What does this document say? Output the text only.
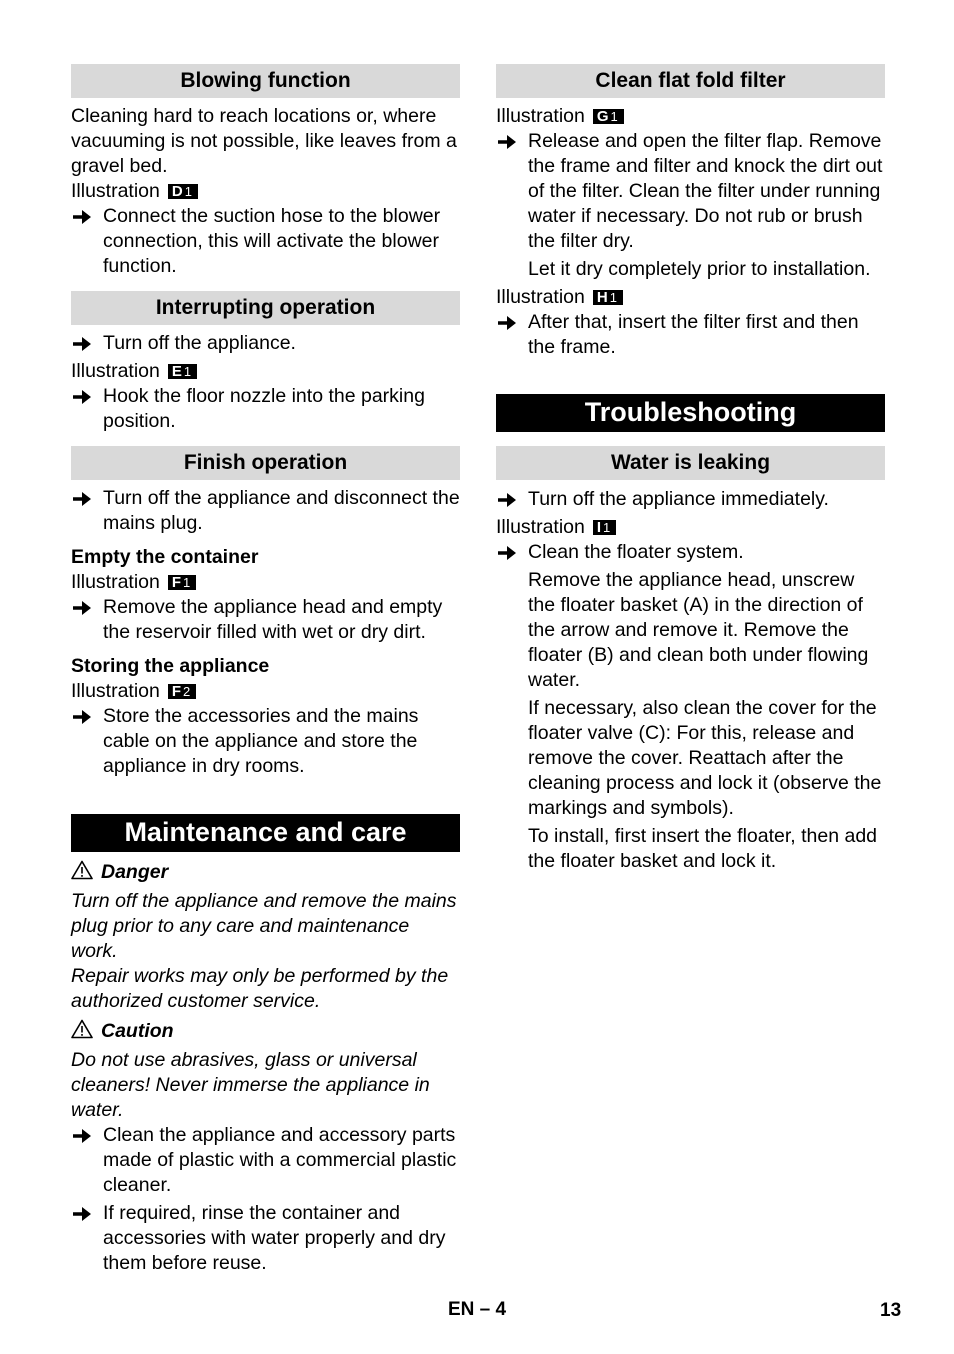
Blowing function

Cleaning hard to reach locations or, where vacuuming is not possible, like leaves from a gravel bed.

Illustration D1

Connect the suction hose to the blower connection, this will activate the blower function.
Interrupting operation
Turn off the appliance.

Illustration E1

Hook the floor nozzle into the parking position.
Finish operation
Turn off the appliance and disconnect the mains plug.

Empty the container

Illustration F1

Remove the appliance head and empty the reservoir filled with wet or dry dirt.

Storing the appliance

Illustration F2

Store the accessories and the mains cable on the appliance and store the appliance in dry rooms.
Maintenance and care

Danger

Turn off the appliance and remove the mains plug prior to any care and maintenance work.

Repair works may only be performed by the authorized customer service.

Caution

Do not use abrasives, glass or universal cleaners! Never immerse the appliance in water.

Clean the appliance and accessory parts made of plastic with a commercial plastic cleaner.
If required, rinse the container and accessories with water properly and dry them before reuse.
Clean flat fold filter

Illustration G1

Release and open the filter flap. Remove the frame and filter and knock the dirt out of the filter. Clean the filter under running water if necessary. Do not rub or brush the filter dry.

Let it dry completely prior to installation.

Illustration H1

After that, insert the filter first and then the frame.
Troubleshooting
Water is leaking
Turn off the appliance immediately.

Illustration I1

Clean the floater system.

Remove the appliance head, unscrew the floater basket (A) in the direction of the arrow and remove it. Remove the floater (B) and clean both under flowing water.

If necessary, also clean the cover for the floater valve (C): For this, release and remove the cover. Reattach after the cleaning process and lock it (observe the markings and symbols).

To install, first insert the floater, then add the floater basket and lock it.

EN – 4	13
